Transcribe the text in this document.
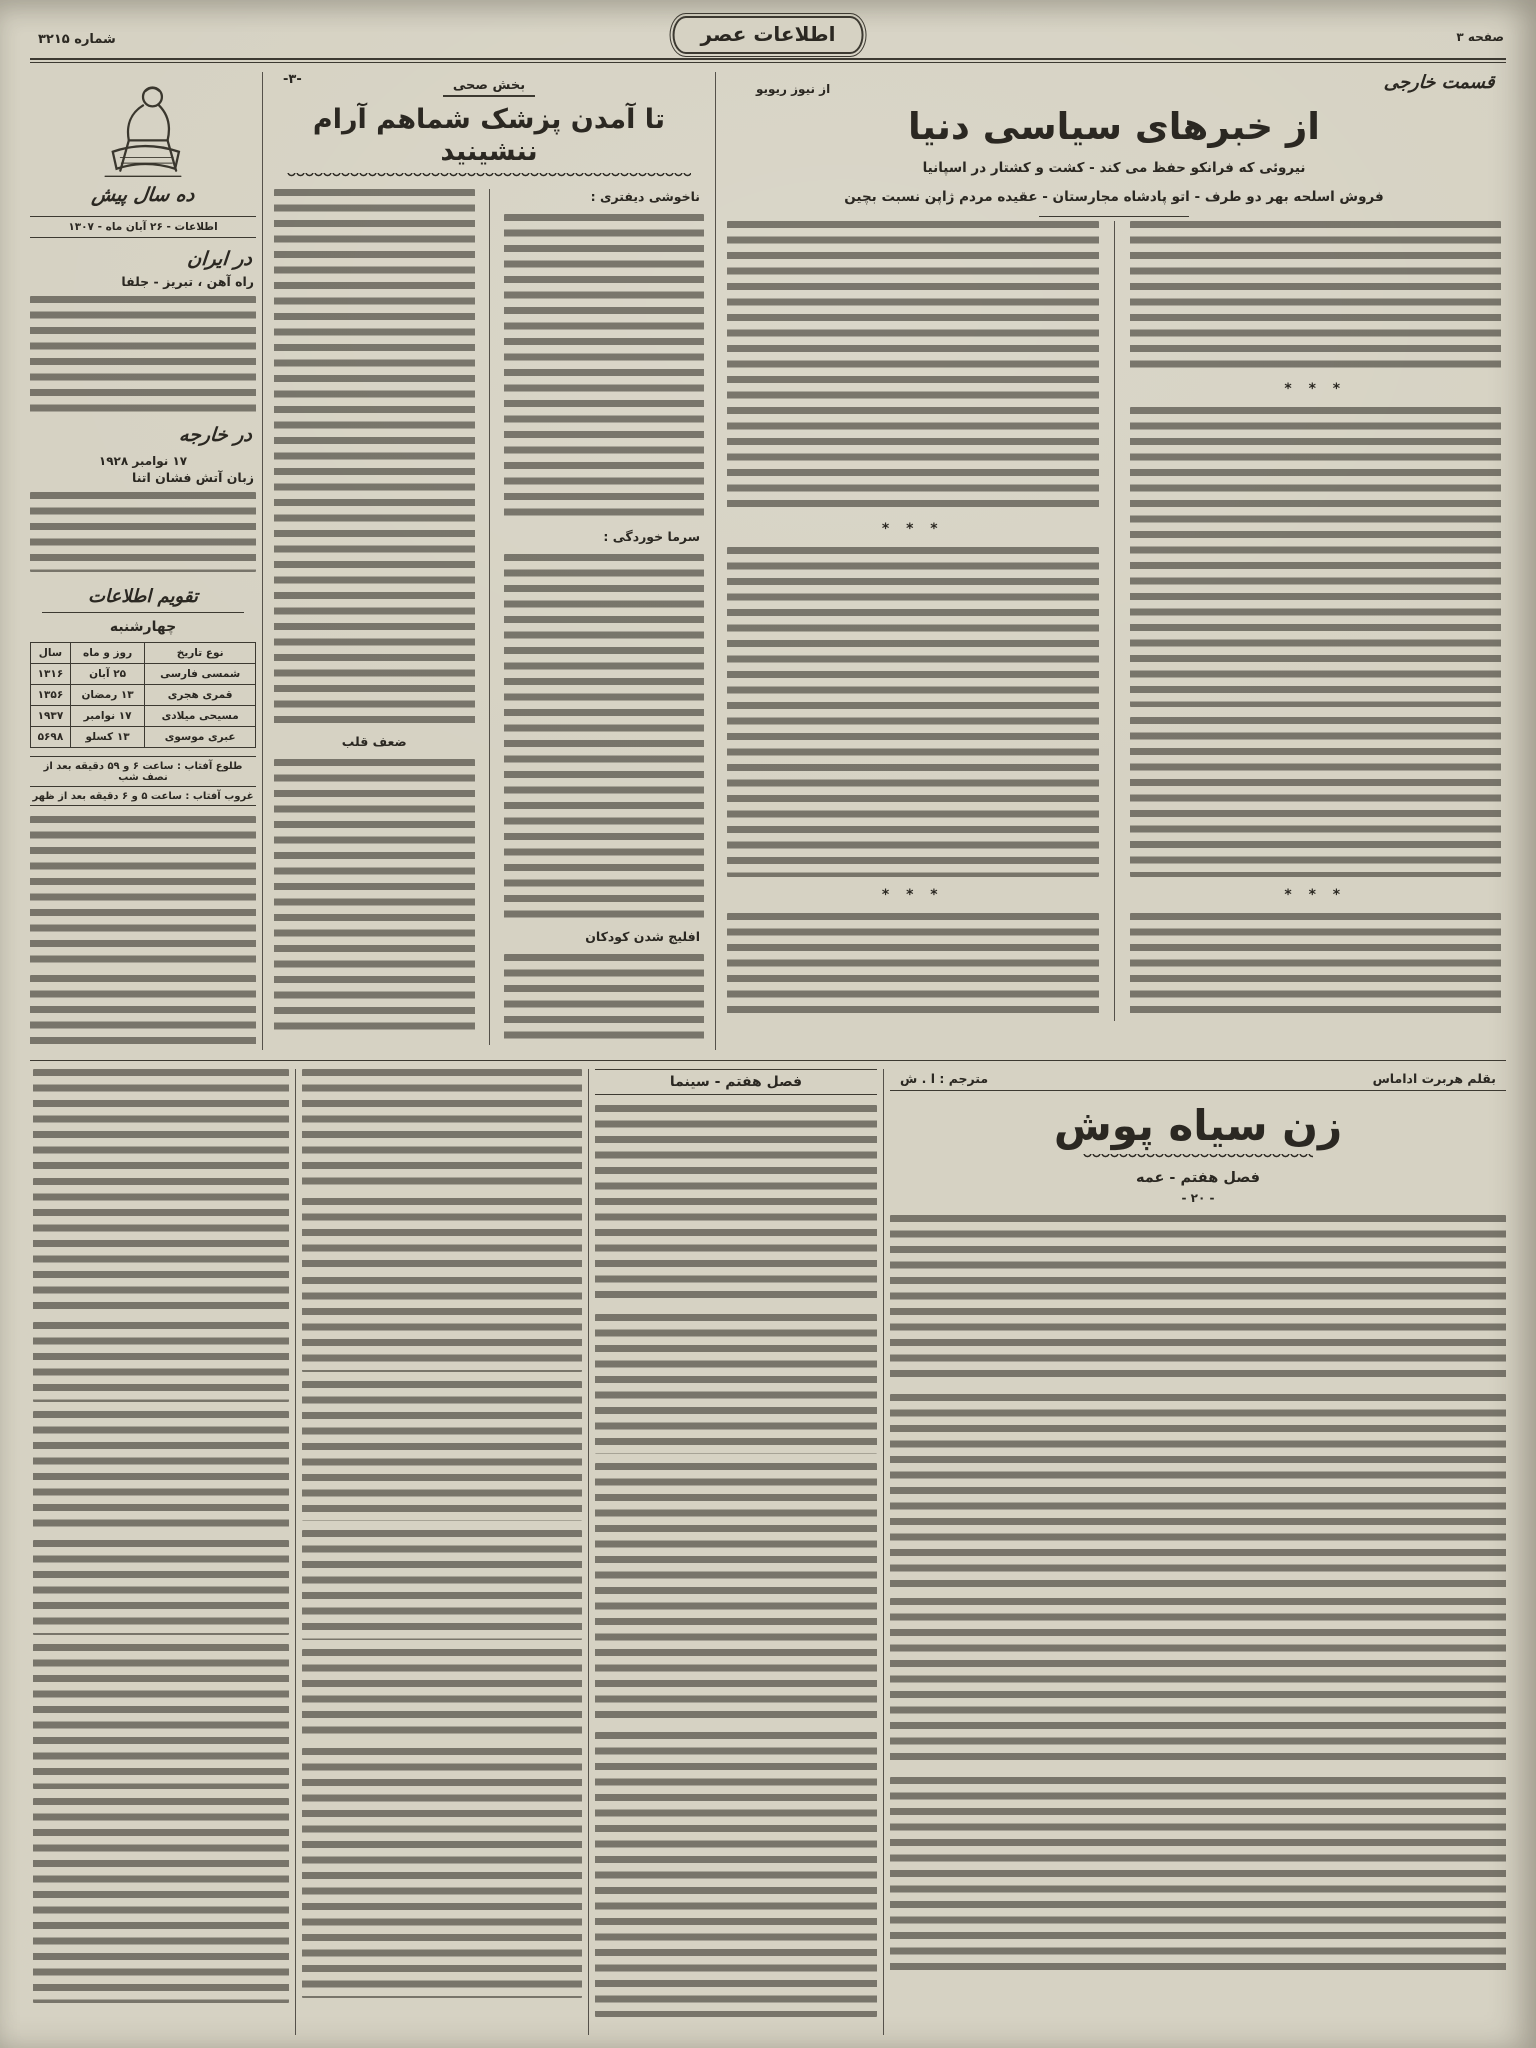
شماره ۳۲۱۵	اطلاعات عصر	صفحه ۳
قسمت خارجی
از نیوز ریویو
از خبرهای سیاسی دنیا

نیروئی که فرانکو حفظ می کند - کشت و کشتار در اسپانیا

فروش اسلحه بهر دو طرف - اتو پادشاه مجارستان - عقیده مردم ژاپن نسبت بچین

* * *
* * *
* * *
* * *
-۳-	بخش صحی
تا آمدن پزشک شماهم آرام ننشینید
ناخوشی دیفتری :
سرما خوردگی :
افلیج شدن کودکان
ضعف قلب
ده سال پیش
اطلاعات - ۲۶ آبان ماه - ۱۳۰۷
در ایران
راه آهن ، تبریز - جلفا
در خارجه
۱۷ نوامبر ۱۹۲۸
زبان آتش فشان اتنا
تقویم اطلاعات
چهارشنبه
نوع تاریخ	روز و ماه	سال
شمسی فارسی	۲۵ آبان	۱۳۱۶
قمری هجری	۱۳ رمضان	۱۳۵۶
مسیحی میلادی	۱۷ نوامبر	۱۹۳۷
عبری موسوی	۱۳ کسلو	۵۶۹۸
طلوع آفتاب : ساعت ۶ و ۵۹ دقیقه بعد از نصف شب
غروب آفتاب : ساعت ۵ و ۶ دقیقه بعد از ظهر
بقلم هربرت اداماس
مترجم : ا . ش
زن سیاه پوش
فصل هفتم - عمه
- ۲۰ -
فصل هفتم - سینما
